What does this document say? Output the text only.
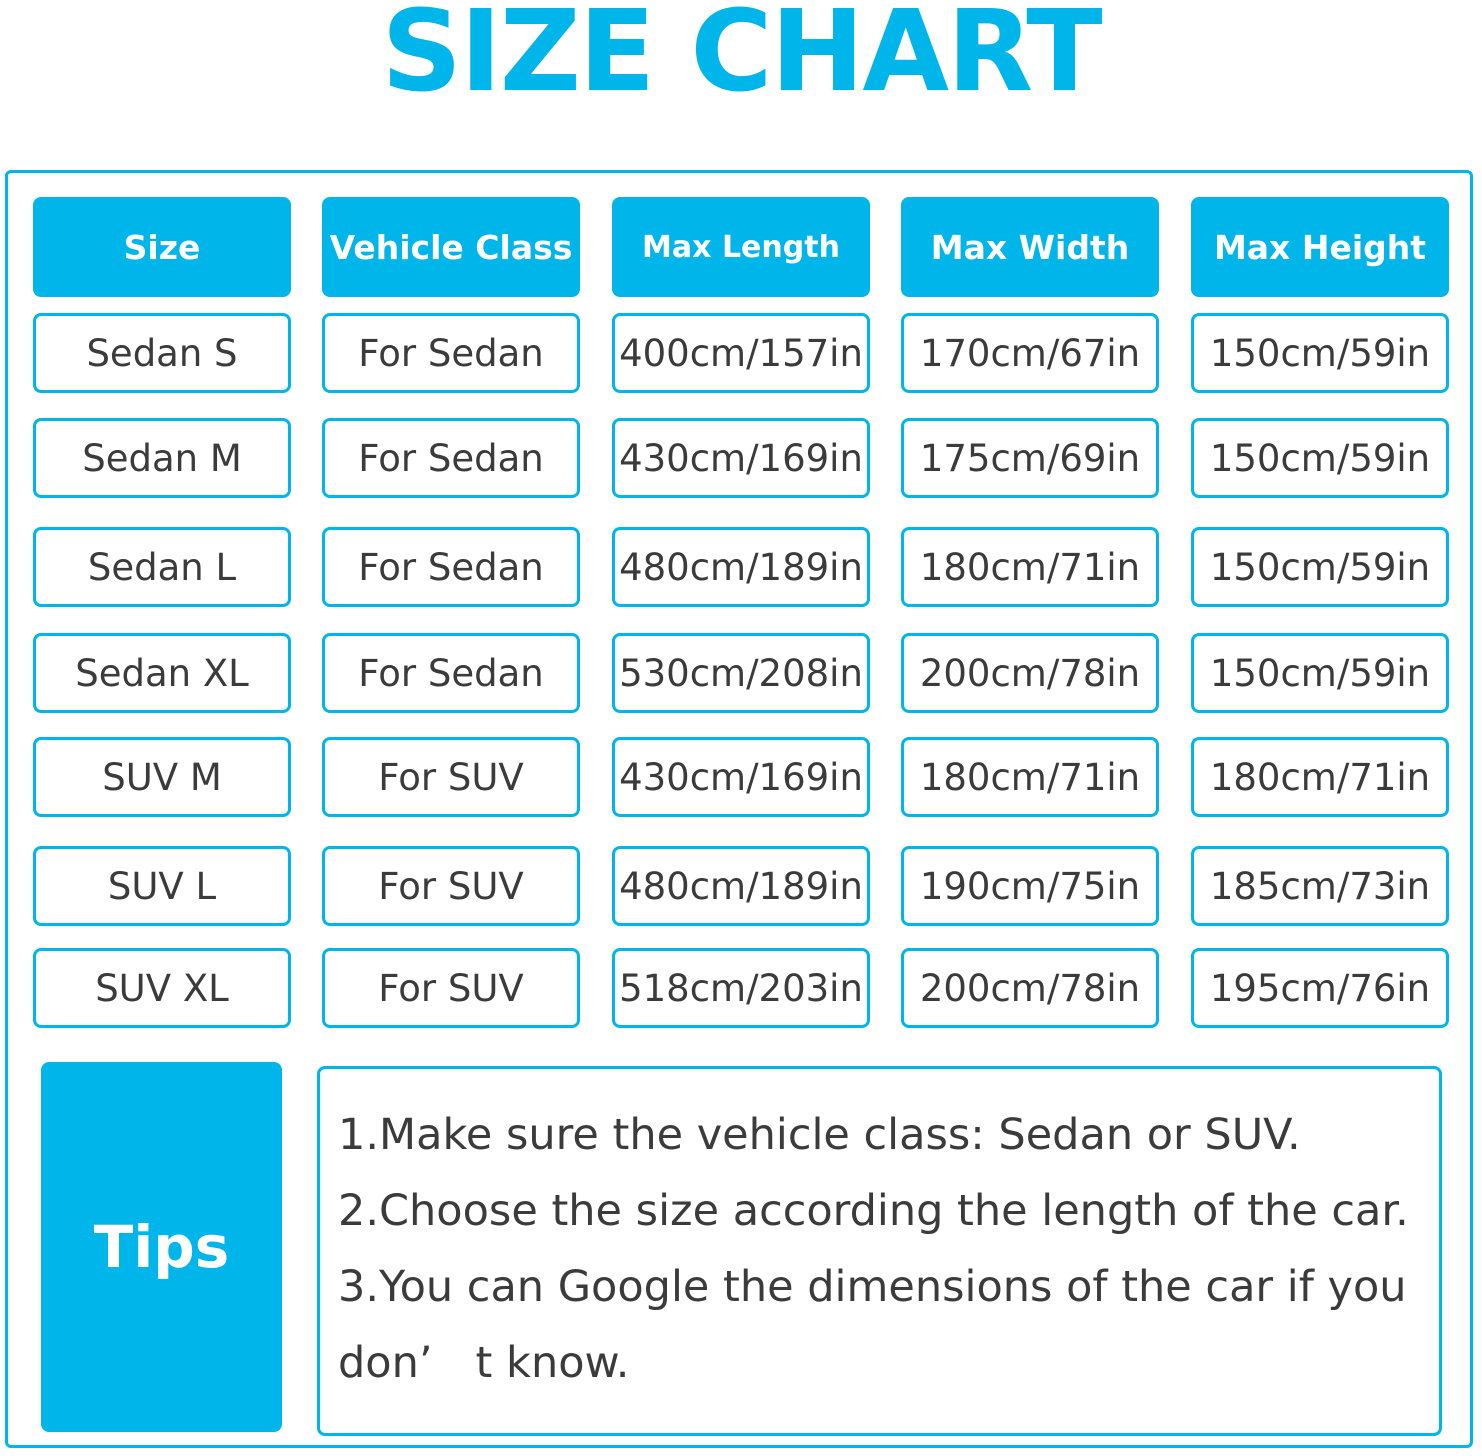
SIZE CHART
Size	Vehicle Class	Max Length	Max Width	Max Height
Sedan S	For Sedan	400cm/157in	170cm/67in	150cm/59in
Sedan M	For Sedan	430cm/169in	175cm/69in	150cm/59in
Sedan L	For Sedan	480cm/189in	180cm/71in	150cm/59in
Sedan XL	For Sedan	530cm/208in	200cm/78in	150cm/59in
SUV M	For SUV	430cm/169in	180cm/71in	180cm/71in
SUV L	For SUV	480cm/189in	190cm/75in	185cm/73in
SUV XL	For SUV	518cm/203in	200cm/78in	195cm/76in
Tips
1.Make sure the vehicle class: Sedan or SUV.
2.Choose the size according the length of the car.
3.You can Google the dimensions of the car if you
don’　t know.
